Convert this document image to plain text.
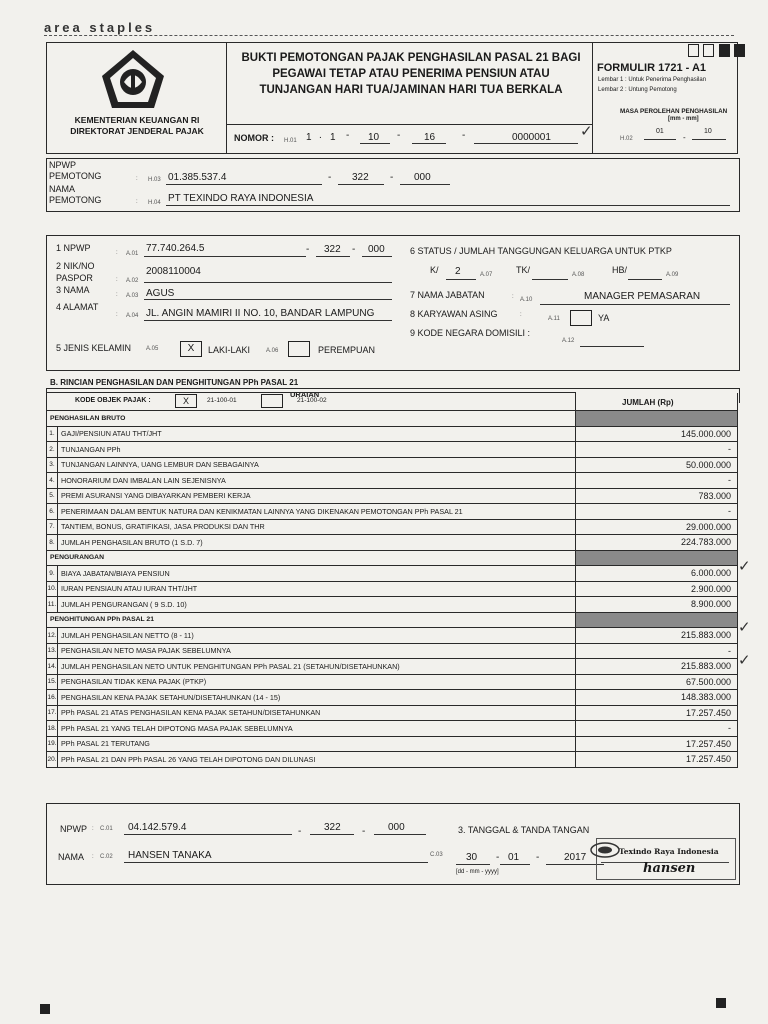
area staples
KEMENTERIAN KEUANGAN RI
DIREKTORAT JENDERAL PAJAK
BUKTI PEMOTONGAN PAJAK PENGHASILAN PASAL 21 BAGI
PEGAWAI TETAP ATAU PENERIMA PENSIUN ATAU
TUNJANGAN HARI TUA/JAMINAN HARI TUA BERKALA
NOMOR : H.01 1 . 1 - 10 - 16	-	0000001 ✓

FORMULIR 1721 - A1
Lembar 1 : Untuk Penerima Penghasilan
Lembar 2 : Untung Pemotong
MASA PEROLEHAN PENGHASILAN
[mm - mm]
H.02
01
-
10
NPWP PEMOTONG	: H.03 01.385.537.4	- 322 - 000
NAMA PEMOTONG	: H.04 PT TEXINDO RAYA INDONESIA
1 NPWP	: A.01 77.740.264.5	- 322 - 000
2 NIK/NO PASPOR	: A.02
2008110004
3 NAMA	: A.03 AGUS
4 ALAMAT
: A.04 JL. ANGIN MAMIRI II NO. 10, BANDAR LAMPUNG
5 JENIS KELAMIN A.05	X	LAKI-LAKI	A.06	PEREMPUAN
6 STATUS / JUMLAH TANGGUNGAN KELUARGA UNTUK PTKP
K/ 2	A.07	TK/	A.08	HB/	A.09
7 NAMA JABATAN	: A.10	MANAGER PEMASARAN
8 KARYAWAN ASING	:
A.11	YA
9 KODE NEGARA DOMISILI :
A.12
B. RINCIAN PENGHASILAN DAN PENGHITUNGAN PPh PASAL 21
URAIAN
JUMLAH (Rp)
KODE OBJEK PAJAK : X 21-100-01 21-100-02		

PENGHASILAN BRUTO		
1.	GAJI/PENSIUN ATAU THT/JHT	145.000.000
2.	TUNJANGAN PPh	-
3.	TUNJANGAN LAINNYA, UANG LEMBUR DAN SEBAGAINYA	50.000.000
4.	HONORARIUM DAN IMBALAN LAIN SEJENISNYA	-
5.	PREMI ASURANSI YANG DIBAYARKAN PEMBERI KERJA	783.000
6.	PENERIMAAN DALAM BENTUK NATURA DAN KENIKMATAN LAINNYA YANG DIKENAKAN PEMOTONGAN PPh PASAL 21	-
7.	TANTIEM, BONUS, GRATIFIKASI, JASA PRODUKSI DAN THR	29.000.000
8.	JUMLAH PENGHASILAN BRUTO (1 S.D. 7)	224.783.000
PENGURANGAN		
9.	BIAYA JABATAN/BIAYA PENSIUN	6.000.000
10.	IURAN PENSIAUN ATAU IURAN THT/JHT	2.900.000
11.	JUMLAH PENGURANGAN ( 9 S.D. 10)	8.900.000
PENGHITUNGAN PPh PASAL 21		
12.	JUMLAH PENGHASILAN NETTO (8 - 11)	215.883.000
13.	PENGHASILAN NETO MASA PAJAK SEBELUMNYA	-
14.	JUMLAH PENGHASILAN NETO UNTUK PENGHITUNGAN PPh PASAL 21 (SETAHUN/DISETAHUNKAN)	215.883.000
15.	PENGHASILAN TIDAK KENA PAJAK (PTKP)	67.500.000
16.	PENGHASILAN KENA PAJAK SETAHUN/DISETAHUNKAN (14 - 15)	148.383.000
17.	PPh PASAL 21 ATAS PENGHASILAN KENA PAJAK SETAHUN/DISETAHUNKAN	17.257.450
18.	PPh PASAL 21 YANG TELAH DIPOTONG MASA PAJAK SEBELUMNYA	-
19.	PPh PASAL 21 TERUTANG	17.257.450
20.	PPh PASAL 21 DAN PPh PASAL 26 YANG TELAH DIPOTONG DAN DILUNASI	17.257.450
✓
✓
✓
NPWP : C.01 04.142.579.4	- 322 - 000
NAMA : C.02 HANSEN TANAKA
3. TANGGAL & TANDA TANGAN
C.03 30 - 01 - 2017
[dd - mm - yyyy]
Texindo Raya Indonesia
hansen
